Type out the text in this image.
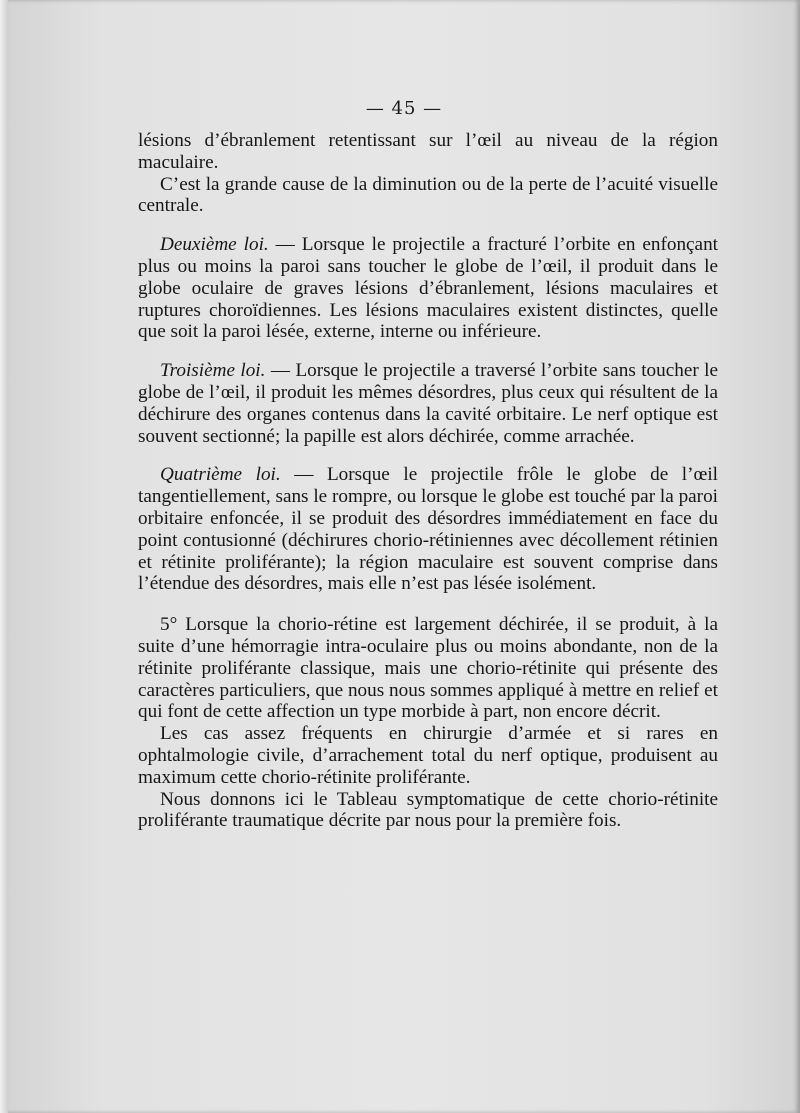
— 45 —

lésions d’ébranlement retentissant sur l’œil au niveau de la région maculaire.

C’est la grande cause de la diminution ou de la perte de l’acuité visuelle centrale.

Deuxième loi. — Lorsque le projectile a fracturé l’orbite en enfonçant plus ou moins la paroi sans toucher le globe de l’œil, il produit dans le globe oculaire de graves lésions d’ébranlement, lésions maculaires et ruptures choroïdiennes. Les lésions maculaires existent distinctes, quelle que soit la paroi lésée, externe, interne ou inférieure.

Troisième loi. — Lorsque le projectile a traversé l’orbite sans toucher le globe de l’œil, il produit les mêmes désordres, plus ceux qui résultent de la déchirure des organes contenus dans la cavité orbitaire. Le nerf optique est souvent sectionné; la papille est alors déchirée, comme arrachée.

Quatrième loi. — Lorsque le projectile frôle le globe de l’œil tangentiellement, sans le rompre, ou lorsque le globe est touché par la paroi orbitaire enfoncée, il se produit des désordres immédiatement en face du point contusionné (déchirures chorio-rétiniennes avec décollement rétinien et rétinite proliférante); la région maculaire est souvent comprise dans l’étendue des désordres, mais elle n’est pas lésée isolément.

5° Lorsque la chorio-rétine est largement déchirée, il se produit, à la suite d’une hémorragie intra-oculaire plus ou moins abondante, non de la rétinite proliférante classique, mais une chorio-rétinite qui présente des caractères particuliers, que nous nous sommes appliqué à mettre en relief et qui font de cette affection un type morbide à part, non encore décrit.

Les cas assez fréquents en chirurgie d’armée et si rares en ophtalmologie civile, d’arrachement total du nerf optique, produisent au maximum cette chorio-rétinite proliférante.

Nous donnons ici le Tableau symptomatique de cette chorio-rétinite proliférante traumatique décrite par nous pour la première fois.
